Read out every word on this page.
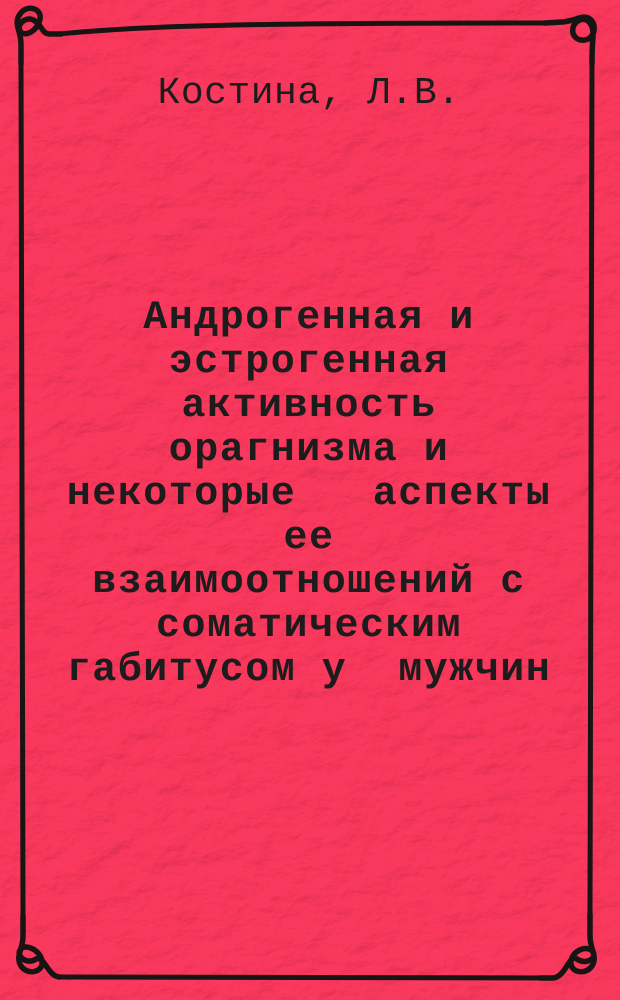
Костина, Л.В.
Андрогенная и
эстрогенная
активность
орагнизма и
некоторые   аспекты
ее
взаимоотношений с
соматическим
габитусом у  мужчин
